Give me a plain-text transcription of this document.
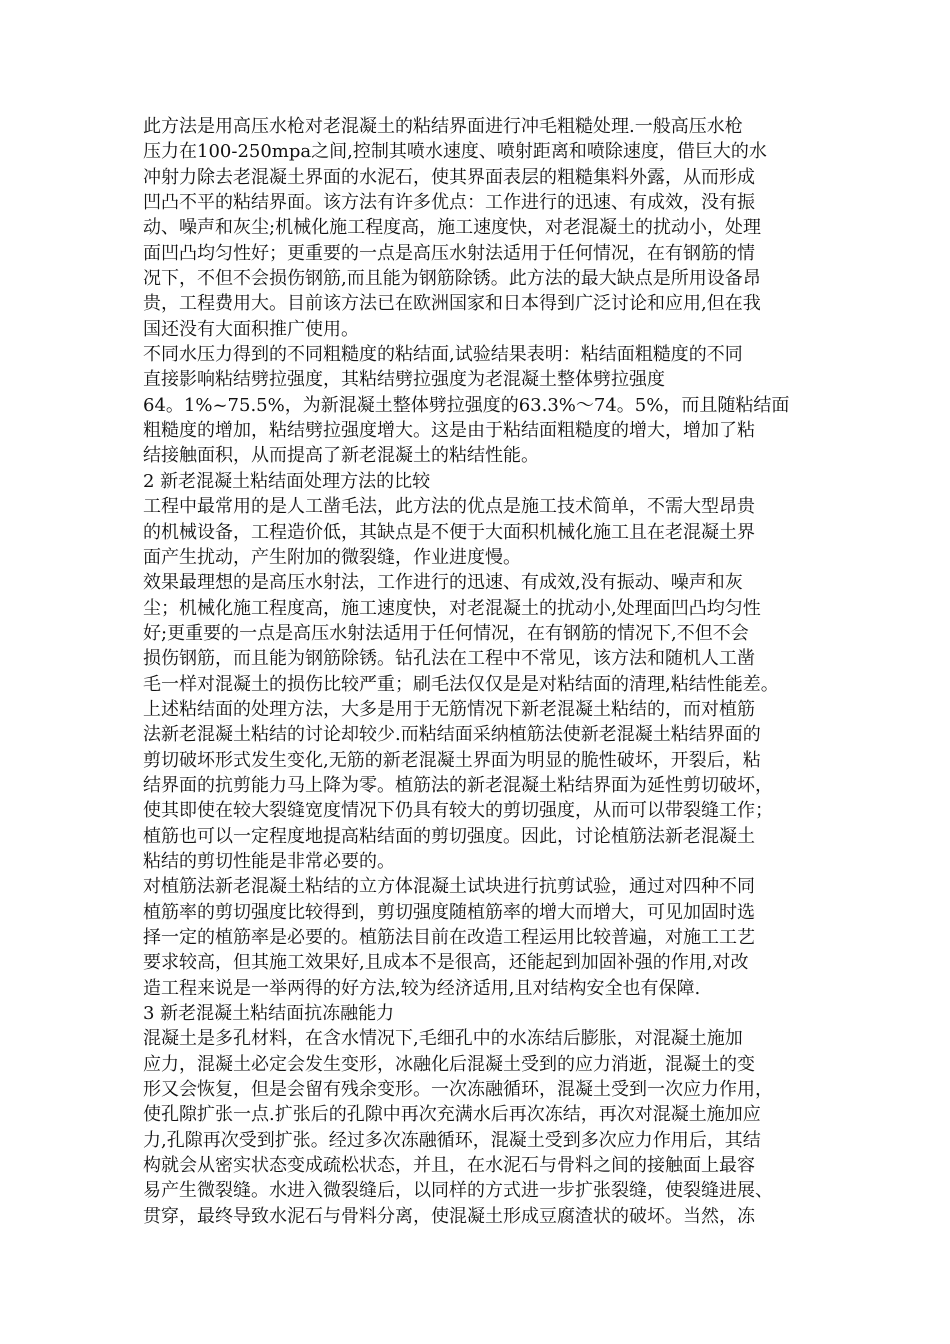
此方法是用高压水枪对老混凝土的粘结界面进行冲毛粗糙处理.一般高压水枪
压力在100-250mpa之间,控制其喷水速度、喷射距离和喷除速度，借巨大的水
冲射力除去老混凝土界面的水泥石，使其界面表层的粗糙集料外露，从而形成
凹凸不平的粘结界面。该方法有许多优点：工作进行的迅速、有成效，没有振
动、噪声和灰尘;机械化施工程度高，施工速度快，对老混凝土的扰动小，处理
面凹凸均匀性好；更重要的一点是高压水射法适用于任何情况，在有钢筋的情
况下，不但不会损伤钢筋,而且能为钢筋除锈。此方法的最大缺点是所用设备昂
贵，工程费用大。目前该方法已在欧洲国家和日本得到广泛讨论和应用,但在我
国还没有大面积推广使用。
不同水压力得到的不同粗糙度的粘结面,试验结果表明：粘结面粗糙度的不同
直接影响粘结劈拉强度，其粘结劈拉强度为老混凝土整体劈拉强度
64。1%~75.5%，为新混凝土整体劈拉强度的63.3%～74。5%，而且随粘结面
粗糙度的增加，粘结劈拉强度增大。这是由于粘结面粗糙度的增大，增加了粘
结接触面积，从而提高了新老混凝土的粘结性能。
2 新老混凝土粘结面处理方法的比较
工程中最常用的是人工凿毛法，此方法的优点是施工技术简单，不需大型昂贵
的机械设备，工程造价低，其缺点是不便于大面积机械化施工且在老混凝土界
面产生扰动，产生附加的微裂缝，作业进度慢。
效果最理想的是高压水射法，工作进行的迅速、有成效,没有振动、噪声和灰
尘；机械化施工程度高，施工速度快，对老混凝土的扰动小,处理面凹凸均匀性
好;更重要的一点是高压水射法适用于任何情况，在有钢筋的情况下,不但不会
损伤钢筋，而且能为钢筋除锈。钻孔法在工程中不常见，该方法和随机人工凿
毛一样对混凝土的损伤比较严重；刷毛法仅仅是是对粘结面的清理,粘结性能差。
上述粘结面的处理方法，大多是用于无筋情况下新老混凝土粘结的，而对植筋
法新老混凝土粘结的讨论却较少.而粘结面采纳植筋法使新老混凝土粘结界面的
剪切破坏形式发生变化,无筋的新老混凝土界面为明显的脆性破坏，开裂后，粘
结界面的抗剪能力马上降为零。植筋法的新老混凝土粘结界面为延性剪切破坏，
使其即使在较大裂缝宽度情况下仍具有较大的剪切强度，从而可以带裂缝工作；
植筋也可以一定程度地提高粘结面的剪切强度。因此，讨论植筋法新老混凝土
粘结的剪切性能是非常必要的。
对植筋法新老混凝土粘结的立方体混凝土试块进行抗剪试验，通过对四种不同
植筋率的剪切强度比较得到，剪切强度随植筋率的增大而增大，可见加固时选
择一定的植筋率是必要的。植筋法目前在改造工程运用比较普遍，对施工工艺
要求较高，但其施工效果好,且成本不是很高，还能起到加固补强的作用,对改
造工程来说是一举两得的好方法,较为经济适用,且对结构安全也有保障.
3 新老混凝土粘结面抗冻融能力
混凝土是多孔材料，在含水情况下,毛细孔中的水冻结后膨胀，对混凝土施加
应力，混凝土必定会发生变形，冰融化后混凝土受到的应力消逝，混凝土的变
形又会恢复，但是会留有残余变形。一次冻融循环，混凝土受到一次应力作用，
使孔隙扩张一点.扩张后的孔隙中再次充满水后再次冻结，再次对混凝土施加应
力,孔隙再次受到扩张。经过多次冻融循环，混凝土受到多次应力作用后，其结
构就会从密实状态变成疏松状态，并且，在水泥石与骨料之间的接触面上最容
易产生微裂缝。水进入微裂缝后，以同样的方式进一步扩张裂缝，使裂缝进展、
贯穿，最终导致水泥石与骨料分离，使混凝土形成豆腐渣状的破坏。当然，冻
